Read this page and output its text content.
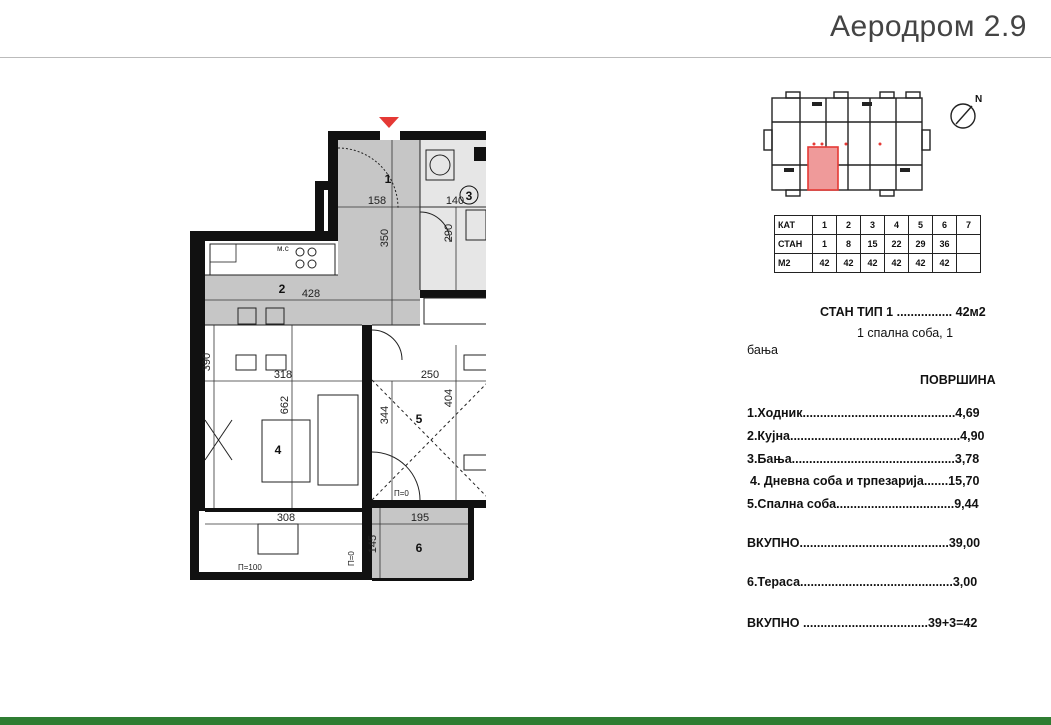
Аеродром 2.9
1
2
3
4
5
6
158	140
350	290
428
390
318
662
250
344
404
308	195
145
м.с
П=0
П=0
П=100
N
КАТ	1	2	3	4	5	6	7
СТАН	1	8	15	22	29	36	
M2	42	42	42	42	42	42	
СТАН ТИП 1 ................ 42м2
1 спална соба, 1
бања
ПОВРШИНА
1.Ходник............................................4,69
2.Кујна.................................................4,90
3.Бања...............................................3,78
4. Дневна соба и трпезарија.......15,70
5.Спална соба..................................9,44
ВКУПНО...........................................39,00
6.Тераса............................................3,00
ВКУПНО ....................................39+3=42
